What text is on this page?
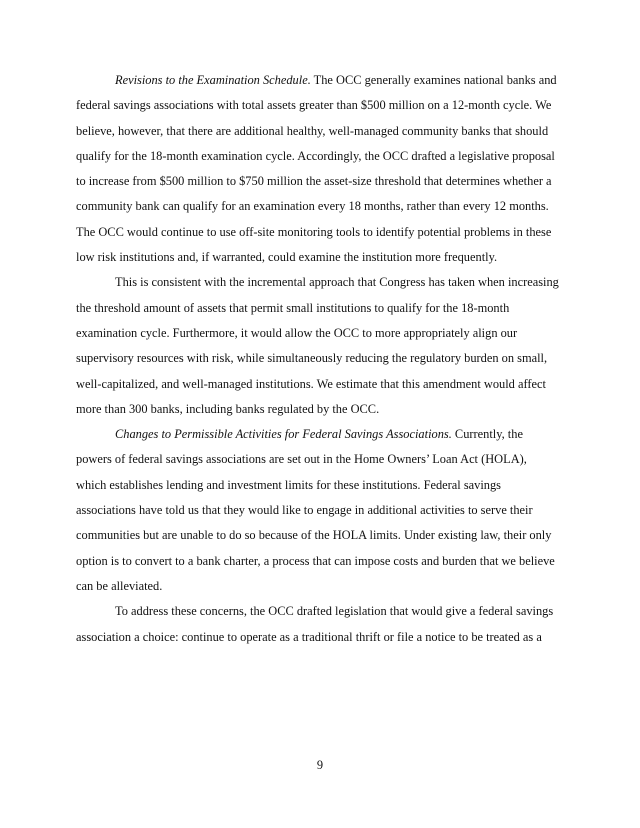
Revisions to the Examination Schedule. The OCC generally examines national banks and
federal savings associations with total assets greater than $500 million on a 12-month cycle. We
believe, however, that there are additional healthy, well-managed community banks that should
qualify for the 18-month examination cycle. Accordingly, the OCC drafted a legislative proposal
to increase from $500 million to $750 million the asset-size threshold that determines whether a
community bank can qualify for an examination every 18 months, rather than every 12 months.
The OCC would continue to use off-site monitoring tools to identify potential problems in these
low risk institutions and, if warranted, could examine the institution more frequently.
This is consistent with the incremental approach that Congress has taken when increasing
the threshold amount of assets that permit small institutions to qualify for the 18-month
examination cycle. Furthermore, it would allow the OCC to more appropriately align our
supervisory resources with risk, while simultaneously reducing the regulatory burden on small,
well-capitalized, and well-managed institutions. We estimate that this amendment would affect
more than 300 banks, including banks regulated by the OCC.
Changes to Permissible Activities for Federal Savings Associations. Currently, the
powers of federal savings associations are set out in the Home Owners’ Loan Act (HOLA),
which establishes lending and investment limits for these institutions. Federal savings
associations have told us that they would like to engage in additional activities to serve their
communities but are unable to do so because of the HOLA limits. Under existing law, their only
option is to convert to a bank charter, a process that can impose costs and burden that we believe
can be alleviated.
To address these concerns, the OCC drafted legislation that would give a federal savings
association a choice: continue to operate as a traditional thrift or file a notice to be treated as a
9
